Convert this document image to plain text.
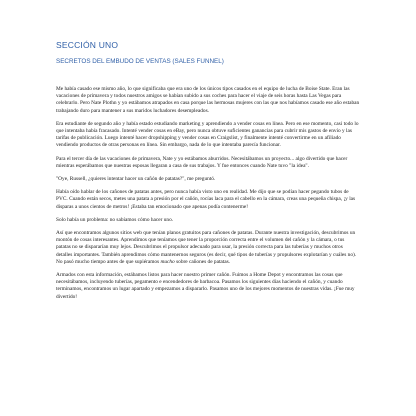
SECCIÓN UNO
SECRETOS DEL EMBUDO DE VENTAS (SALES FUNNEL)

Me había casado ese mismo año, lo que significaba que era uno de los únicos tipos casados en el equipo de lucha de Boise State. Eran las vacaciones de primavera y todos nuestros amigos se habían subido a sus coches para hacer el viaje de seis horas hasta Las Vegas para celebrarlo. Pero Nate Plothn y yo estábamos atrapados en casa porque las hermosas mujeres con las que nos habíamos casado ese año estaban trabajando duro para mantener a sus maridos luchadores desempleados.

Era estudiante de segundo año y había estado estudiando marketing y aprendiendo a vender cosas en línea. Pero en ese momento, casi todo lo que intentaba había fracasado. Intenté vender cosas en eBay, pero nunca obtuve suficientes ganancias para cubrir mis gastos de envío y las tarifas de publicación. Luego intenté hacer dropshipping y vender cosas en Craigslist, y finalmente intenté convertirme en un afiliado vendiendo productos de otras personas en línea. Sin embargo, nada de lo que intentaba parecía funcionar.

Para el tercer día de las vacaciones de primavera, Nate y yo estábamos aburridos. Necesitábamos un proyecto... algo divertido que hacer mientras esperábamos que nuestras esposas llegaran a casa de sus trabajos. Y fue entonces cuando Nate tuvo "la idea".

"Oye, Russell, ¿quieres intentar hacer un cañón de patatas?", me preguntó.

Había oído hablar de los cañones de patatas antes, pero nunca había visto uno en realidad. Me dijo que se podían hacer pegando tubos de PVC. Cuando están secos, metes una patata a presión por el cañón, rocías laca para el cabello en la cámara, creas una pequeña chispa, ¡y las disparas a unos cientos de metros! ¡Estaba tan emocionado que apenas podía contenerme!

Solo había un problema: no sabíamos cómo hacer uno.

Así que encontramos algunos sitios web que tenían planos gratuitos para cañones de patatas. Durante nuestra investigación, descubrimos un montón de cosas interesantes. Aprendimos que teníamos que tener la proporción correcta entre el volumen del cañón y la cámara, o tus patatas no se dispararían muy lejos. Descubrimos el propulsor adecuado para usar, la presión correcta para las tuberías y muchos otros detalles importantes. También aprendimos cómo mantenernos seguros (es decir, qué tipos de tuberías y propulsores explotarían y cuáles no). No pasó mucho tiempo antes de que supiéramos mucho sobre cañones de patatas.

Armados con esta información, estábamos listos para hacer nuestro primer cañón. Fuimos a Home Depot y encontramos las cosas que necesitábamos, incluyendo tuberías, pegamento e encendedores de barbacoa. Pasamos los siguientes días haciendo el cañón, y cuando terminamos, encontramos un lugar apartado y empezamos a dispararlo. Pasamos uno de los mejores momentos de nuestras vidas. ¡Fue muy divertido!
